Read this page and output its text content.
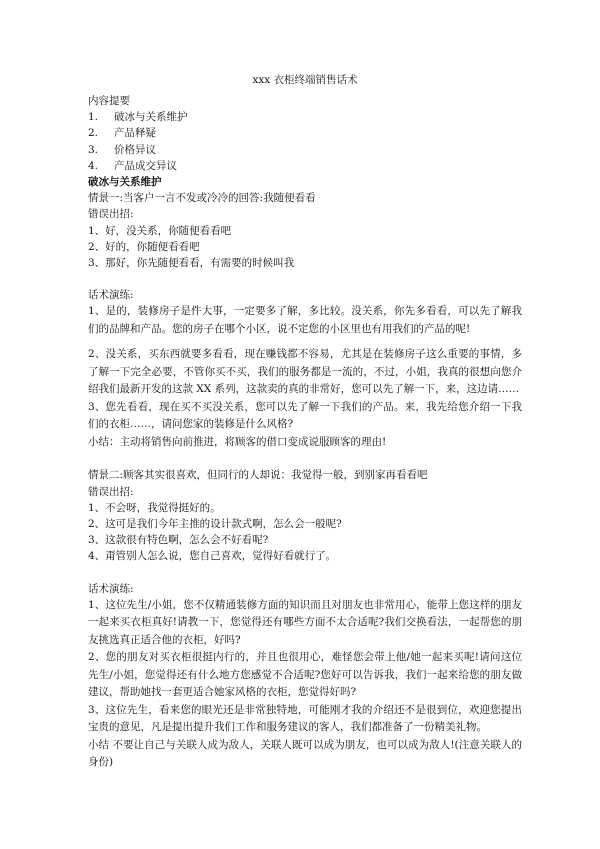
xxx 衣柜终端销售话术

内容提要

1. 破冰与关系维护

2. 产品释疑

3. 价格异议

4. 产品成交异议

破冰与关系维护

情景一:当客户一言不发或冷冷的回答:我随便看看

错误出招:

1、好，没关系，你随便看看吧

2、好的，你随便看看吧

3、那好，你先随便看看，有需要的时候叫我

话术演练:

1、是的，装修房子是件大事，一定要多了解，多比较。没关系，你先多看看，可以先了解我们的品牌和产品。您的房子在哪个小区，说不定您的小区里也有用我们的产品的呢!

2、没关系，买东西就要多看看，现在赚钱都不容易，尤其是在装修房子这么重要的事情，多了解一下完全必要，不管你买不买，我们的服务都是一流的，不过，小姐，我真的很想向您介绍我们最新开发的这款 XX 系列，这款卖的真的非常好，您可以先了解一下，来，这边请……

3、您先看看，现在买不买没关系，您可以先了解一下我们的产品。来，我先给您介绍一下我们的衣柜……，请问您家的装修是什么风格?

小结：主动将销售向前推进，将顾客的借口变成说服顾客的理由!

情景二:顾客其实很喜欢，但同行的人却说：我觉得一般，到别家再看看吧

错误出招:

1、不会呀，我觉得挺好的。

2、这可是我们今年主推的设计款式啊，怎么会一般呢?

3、这款很有特色啊，怎么会不好看呢?

4、甭管别人怎么说，您自己喜欢，觉得好看就行了。

话术演练:

1、这位先生/小姐，您不仅精通装修方面的知识而且对朋友也非常用心，能带上您这样的朋友一起来买衣柜真好!请教一下，您觉得还有哪些方面不太合适呢?我们交换看法，一起帮您的朋友挑选真正适合他的衣柜，好吗?

2、您的朋友对买衣柜很挺内行的，并且也很用心，难怪您会带上他/她一起来买呢!请问这位先生/小姐，您觉得还有什么地方您感觉不合适呢?您好可以告诉我，我们一起来给您的朋友做建议，帮助她找一套更适合她家风格的衣柜，您觉得好吗?

3、这位先生，看来您的眼光还是非常独特地，可能刚才我的介绍还不是很到位，欢迎您提出宝贵的意见，凡是提出提升我们工作和服务建议的客人，我们都准备了一份精美礼物。

小结 不要让自己与关联人成为敌人，关联人既可以成为朋友，也可以成为敌人!(注意关联人的身份)
